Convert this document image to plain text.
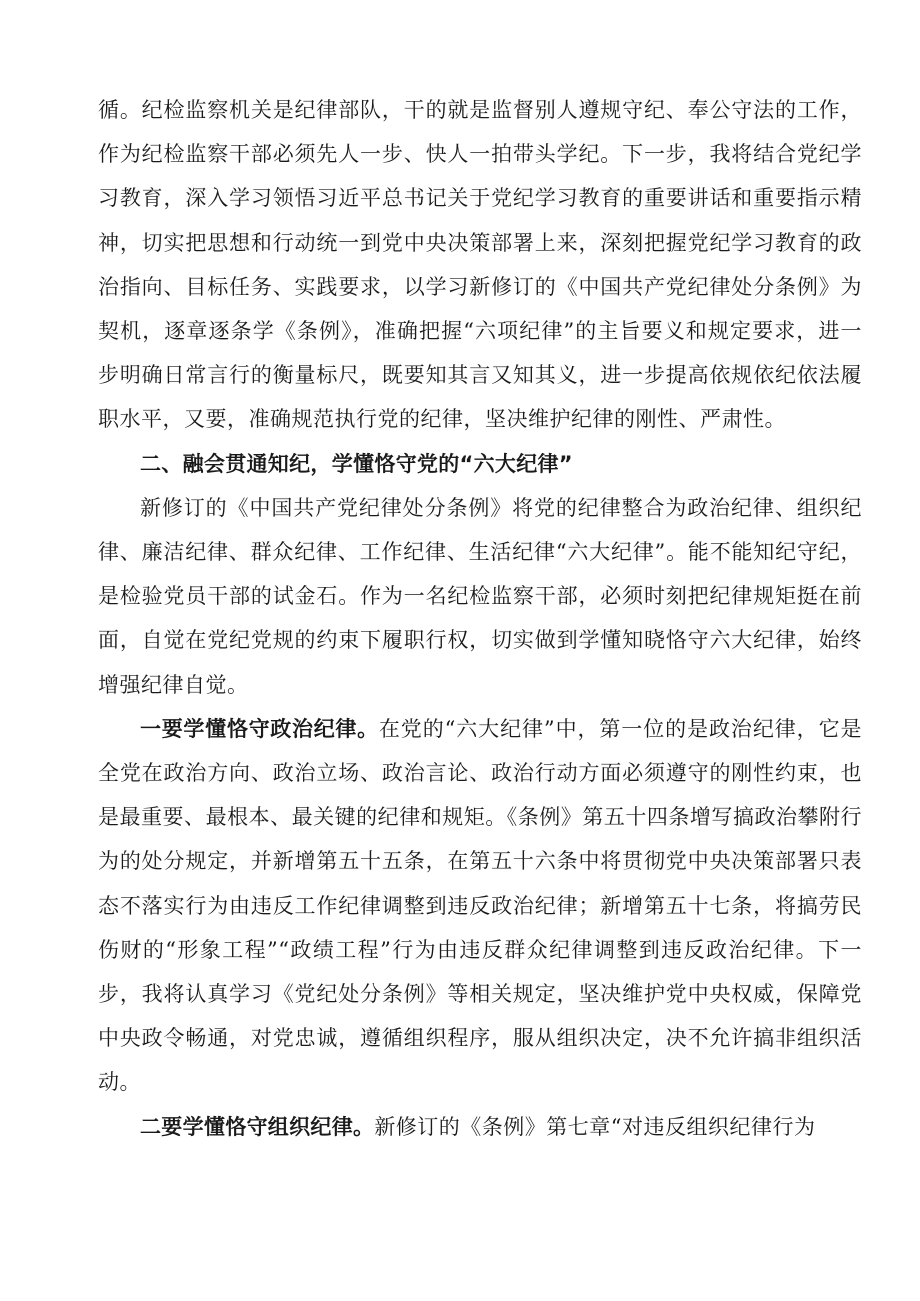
循。纪检监察机关是纪律部队，干的就是监督别人遵规守纪、奉公守法的工作，作为纪检监察干部必须先人一步、快人一拍带头学纪。下一步，我将结合党纪学习教育，深入学习领悟习近平总书记关于党纪学习教育的重要讲话和重要指示精神，切实把思想和行动统一到党中央决策部署上来，深刻把握党纪学习教育的政治指向、目标任务、实践要求，以学习新修订的《中国共产党纪律处分条例》为契机，逐章逐条学《条例》，准确把握“六项纪律”的主旨要义和规定要求，进一步明确日常言行的衡量标尺，既要知其言又知其义，进一步提高依规依纪依法履职水平，又要，准确规范执行党的纪律，坚决维护纪律的刚性、严肃性。

二、融会贯通知纪，学懂恪守党的“六大纪律”

新修订的《中国共产党纪律处分条例》将党的纪律整合为政治纪律、组织纪律、廉洁纪律、群众纪律、工作纪律、生活纪律“六大纪律”。能不能知纪守纪，是检验党员干部的试金石。作为一名纪检监察干部，必须时刻把纪律规矩挺在前面，自觉在党纪党规的约束下履职行权，切实做到学懂知晓恪守六大纪律，始终增强纪律自觉。

一要学懂恪守政治纪律。在党的“六大纪律”中，第一位的是政治纪律，它是全党在政治方向、政治立场、政治言论、政治行动方面必须遵守的刚性约束，也是最重要、最根本、最关键的纪律和规矩。《条例》第五十四条增写搞政治攀附行为的处分规定，并新增第五十五条，在第五十六条中将贯彻党中央决策部署只表态不落实行为由违反工作纪律调整到违反政治纪律；新增第五十七条，将搞劳民伤财的“形象工程”“政绩工程”行为由违反群众纪律调整到违反政治纪律。下一步，我将认真学习《党纪处分条例》等相关规定，坚决维护党中央权威，保障党中央政令畅通，对党忠诚，遵循组织程序，服从组织决定，决不允许搞非组织活动。

二要学懂恪守组织纪律。新修订的《条例》第七章“对违反组织纪律行为
